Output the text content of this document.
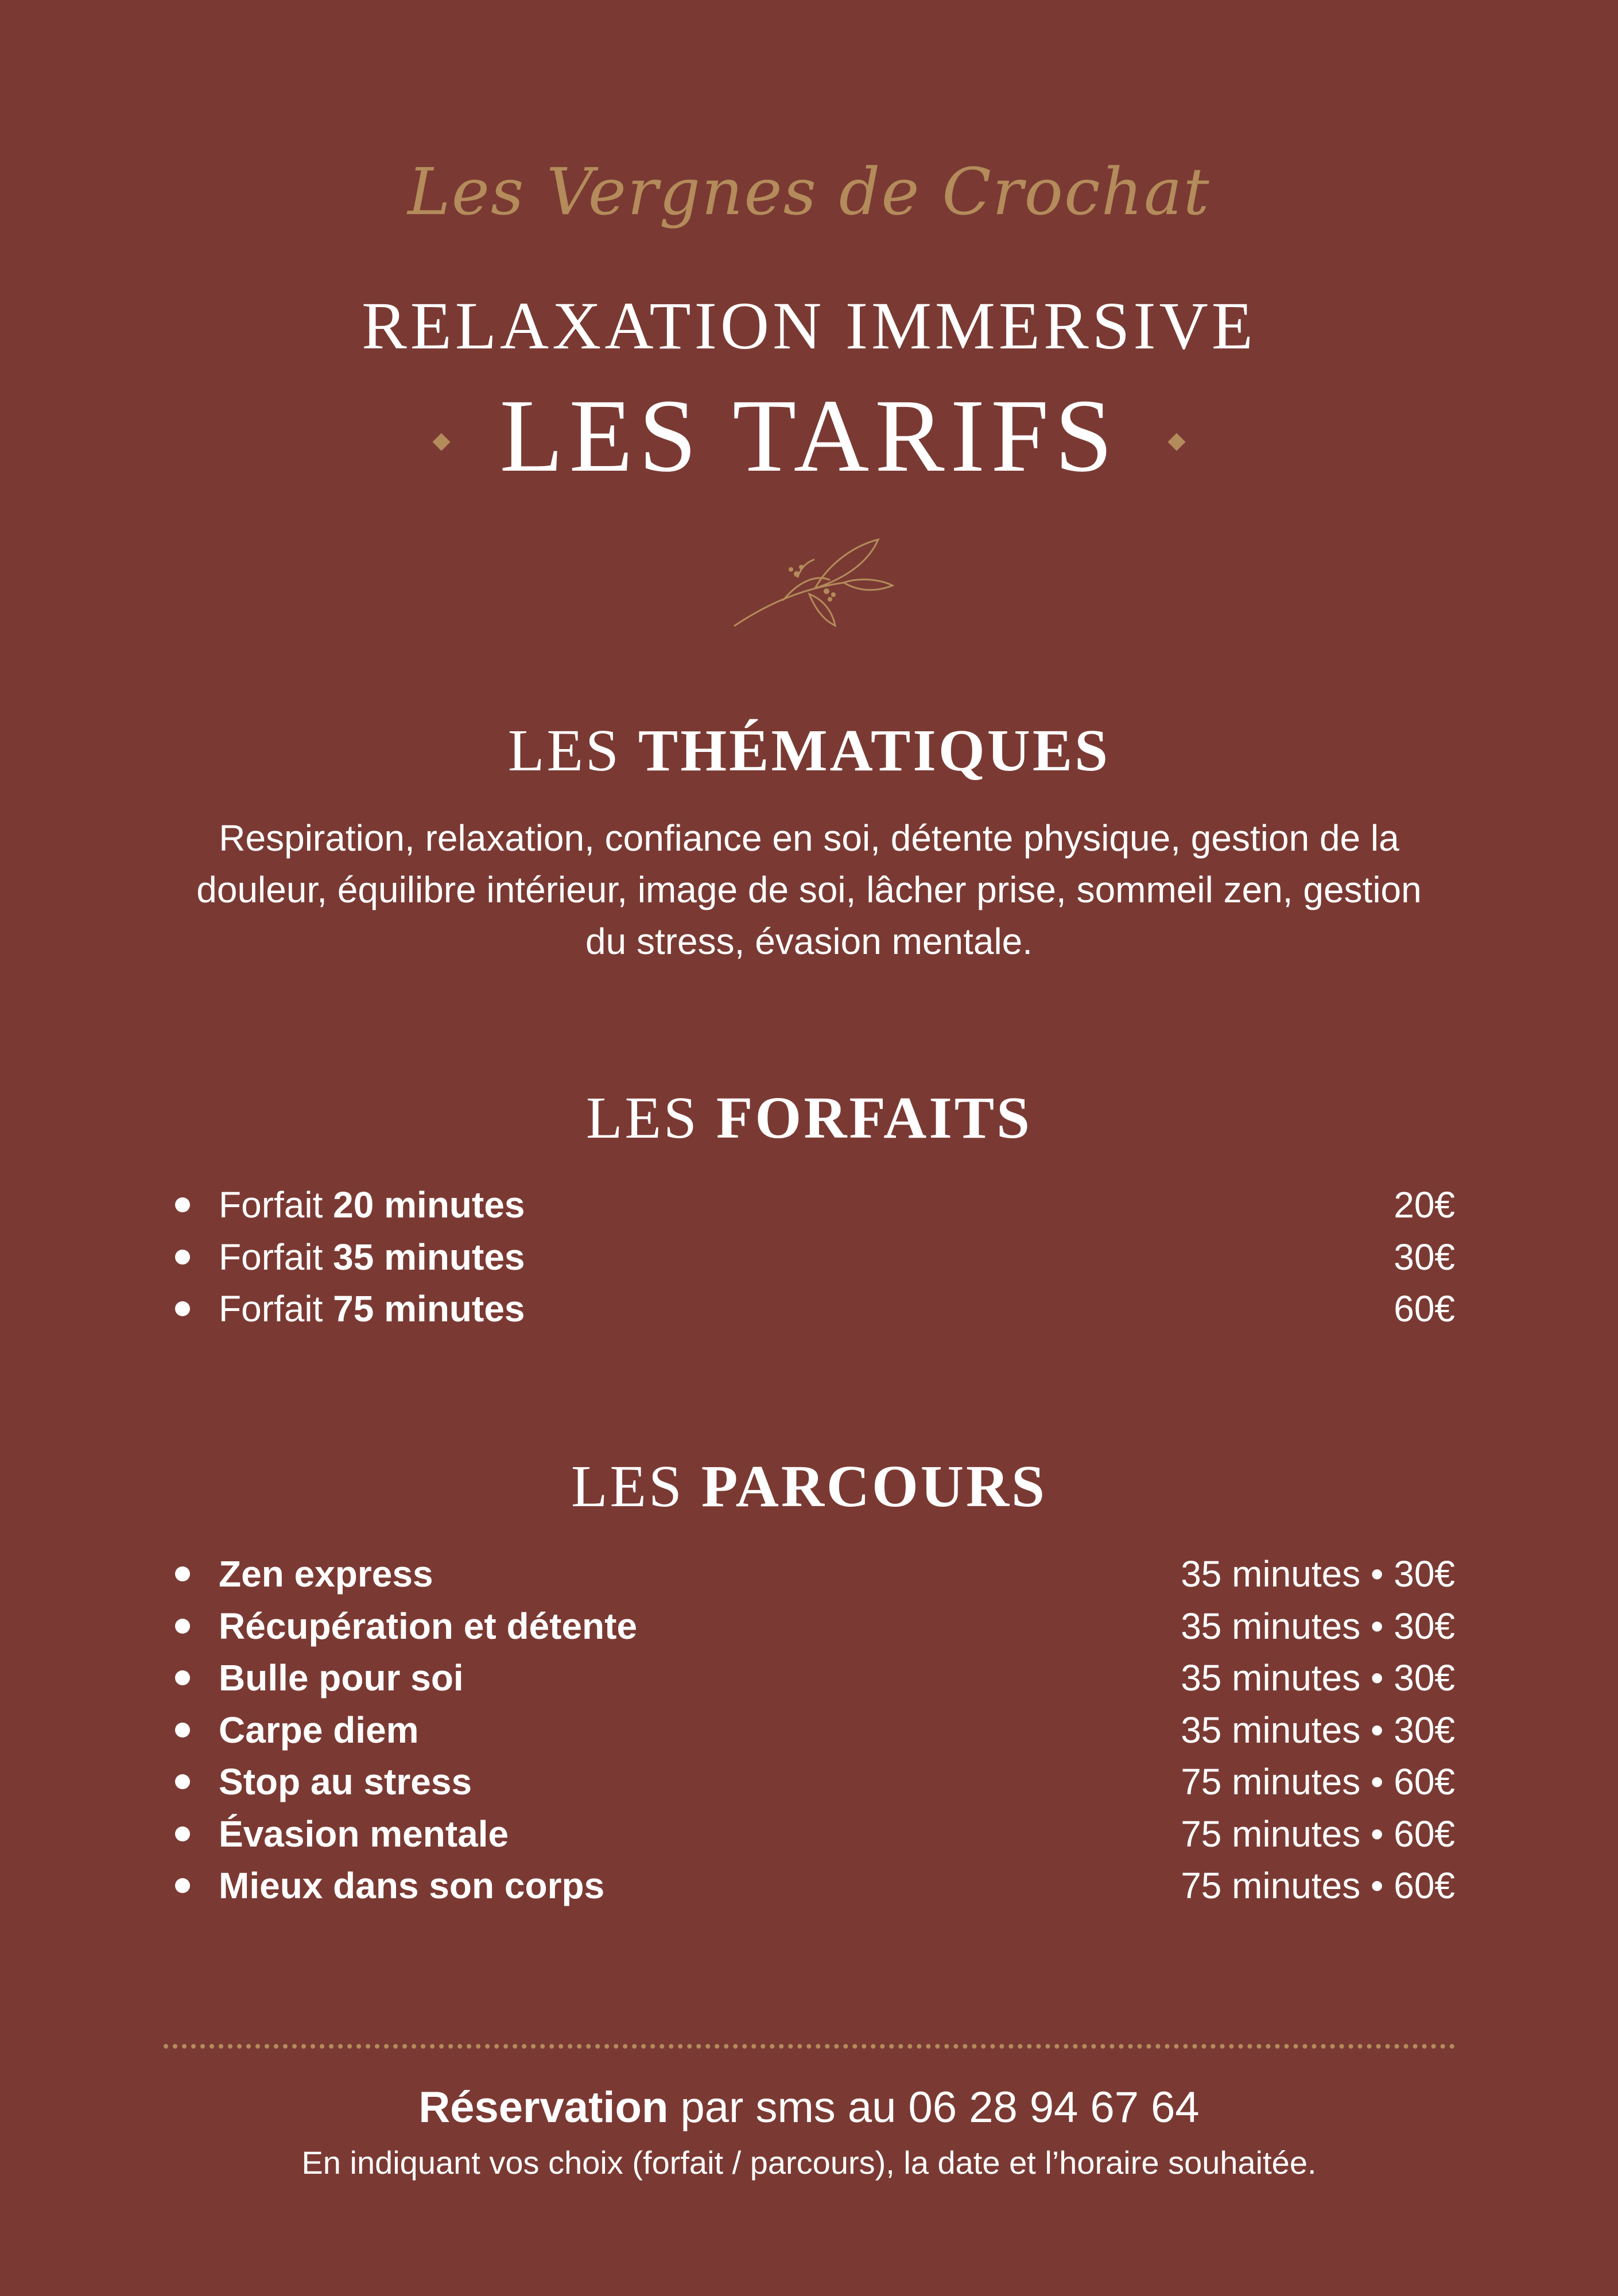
Les Vergnes de Crochat
RELAXATION IMMERSIVE
LES TARIFS
LES THÉMATIQUES
Respiration, relaxation, confiance en soi, détente physique, gestion de la douleur, équilibre intérieur, image de soi, lâcher prise, sommeil zen, gestion du stress, évasion mentale.
LES FORFAITS
Forfait
20 minutes	20€
Forfait
35 minutes	30€
Forfait
75 minutes	60€
LES PARCOURS
Zen express	35 minutes • 30€
Récupération et détente	35 minutes • 30€
Bulle pour soi	35 minutes • 30€
Carpe diem	35 minutes • 30€
Stop au stress	75 minutes • 60€
Évasion mentale	75 minutes • 60€
Mieux dans son corps	75 minutes • 60€
Réservation par sms au 06 28 94 67 64
En indiquant vos choix (forfait / parcours), la date et l’horaire souhaitée.
